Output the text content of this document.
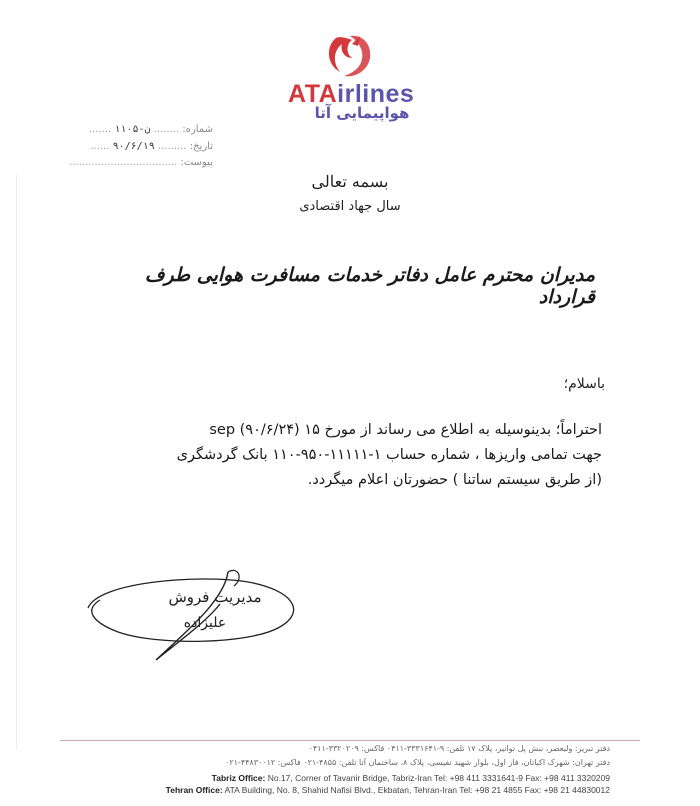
ATAirlines
هواپیمایی آتا
شماره: ........ ن-۱۱۰۵ .......
تاریخ: ......... ۹۰/۶/۱۹ ......
پیوست: ..................................
بسمه تعالی
سال جهاد اقتصادی
مدیران محترم عامل دفاتر خدمات مسافرت هوایی طرف قرارداد
باسلام؛
احتراماً؛ بدینوسیله به اطلاع می رساند از مورخ ۱۵ sep (۹۰/۶/۲۴)
جهت تمامی واریزها ، شماره حساب ۱-۱۱۱۱۱-۹۵۰-۱۱۰ بانک گردشگری
(از طریق سیستم ساتنا ) حضورتان اعلام میگردد.
مدیریت فروش
علیزاده
دفتر تبریز: ولیعصر، نبش پل توانیر، پلاک ۱۷ تلفن: ۹-۳۳۳۱۶۴۱-۰۴۱۱ فاکس: ۳۳۲۰۲۰۹-۰۴۱۱
دفتر تهران: شهرک اکباتان، فاز اول، بلوار شهید نفیسی، پلاک ۸، ساختمان آتا تلفن: ۴۸۵۵-۰۲۱ فاکس: ۴۴۸۳۰۰۱۲-۰۲۱
Tabriz Office: No.17, Corner of Tavanir Bridge, Tabriz-Iran Tel: +98 411 3331641-9 Fax: +98 411 3320209
Tehran Office: ATA Building, No. 8, Shahid Nafisi Blvd., Ekbatan, Tehran-Iran Tel: +98 21 4855 Fax: +98 21 44830012
